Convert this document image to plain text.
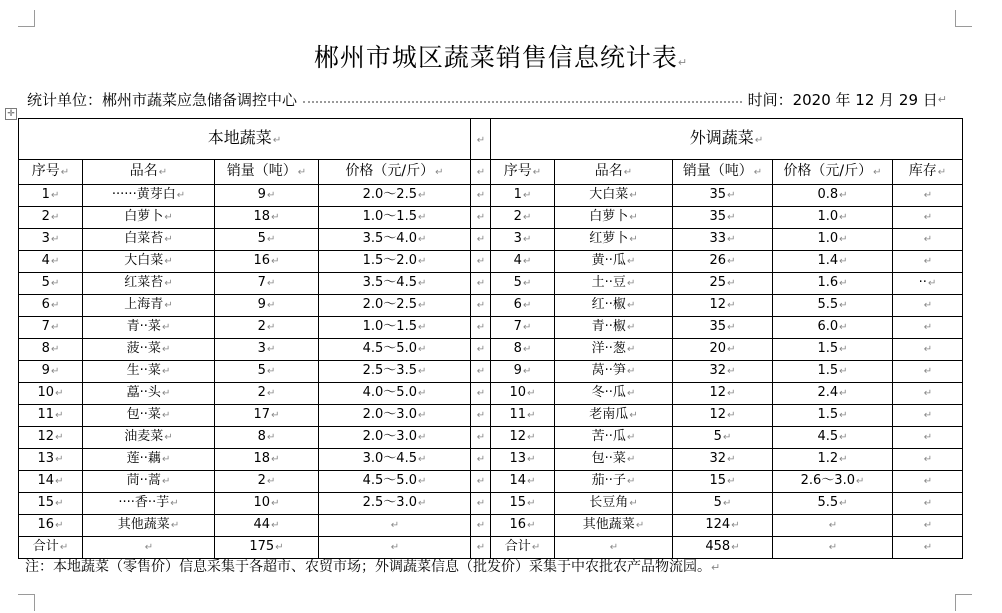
郴州市城区蔬菜销售信息统计表↵
统计单位：郴州市蔬菜应急储备调控中心	时间：2020 年 12 月 29 日 ↵
✛
本地蔬菜↵				↵	外调蔬菜↵				
序号↵	品名↵	销量（吨）↵	价格（元/斤）↵	↵	序号↵	品名↵	销量（吨）↵	价格（元/斤）↵	库存↵
1↵	······黄芽白↵	9↵	2.0～2.5↵	↵	1↵	大白菜↵	35↵	0.8↵	↵
2↵	白萝卜↵	18↵	1.0～1.5↵	↵	2↵	白萝卜↵	35↵	1.0↵	↵
3↵	白菜苔↵	5↵	3.5～4.0↵	↵	3↵	红萝卜↵	33↵	1.0↵	↵
4↵	大白菜↵	16↵	1.5～2.0↵	↵	4↵	黄··瓜↵	26↵	1.4↵	↵
5↵	红菜苔↵	7↵	3.5～4.5↵	↵	5↵	土··豆↵	25↵	1.6↵	··↵
6↵	上海青↵	9↵	2.0～2.5↵	↵	6↵	红··椒↵	12↵	5.5↵	↵
7↵	青··菜↵	2↵	1.0～1.5↵	↵	7↵	青··椒↵	35↵	6.0↵	↵
8↵	菠··菜↵	3↵	4.5～5.0↵	↵	8↵	洋··葱↵	20↵	1.5↵	↵
9↵	生··菜↵	5↵	2.5～3.5↵	↵	9↵	莴··笋↵	32↵	1.5↵	↵
10↵	藠··头↵	2↵	4.0～5.0↵	↵	10↵	冬··瓜↵	12↵	2.4↵	↵
11↵	包··菜↵	17↵	2.0～3.0↵	↵	11↵	老南瓜↵	12↵	1.5↵	↵
12↵	油麦菜↵	8↵	2.0～3.0↵	↵	12↵	苦··瓜↵	5↵	4.5↵	↵
13↵	莲··藕↵	18↵	3.0～4.5↵	↵	13↵	包··菜↵	32↵	1.2↵	↵
14↵	茼··蒿↵	2↵	4.5～5.0↵	↵	14↵	茄··子↵	15↵	2.6～3.0↵	↵
15↵	····香··芋↵	10↵	2.5～3.0↵	↵	15↵	长豆角↵	5↵	5.5↵	↵
16↵	其他蔬菜↵	44↵	↵	↵	16↵	其他蔬菜↵	124↵	↵	↵
合计↵	↵	175↵	↵	↵	合计↵	↵	458↵	↵	↵
注：本地蔬菜（零售价）信息采集于各超市、农贸市场；外调蔬菜信息（批发价）采集于中农批农产品物流园。↵
